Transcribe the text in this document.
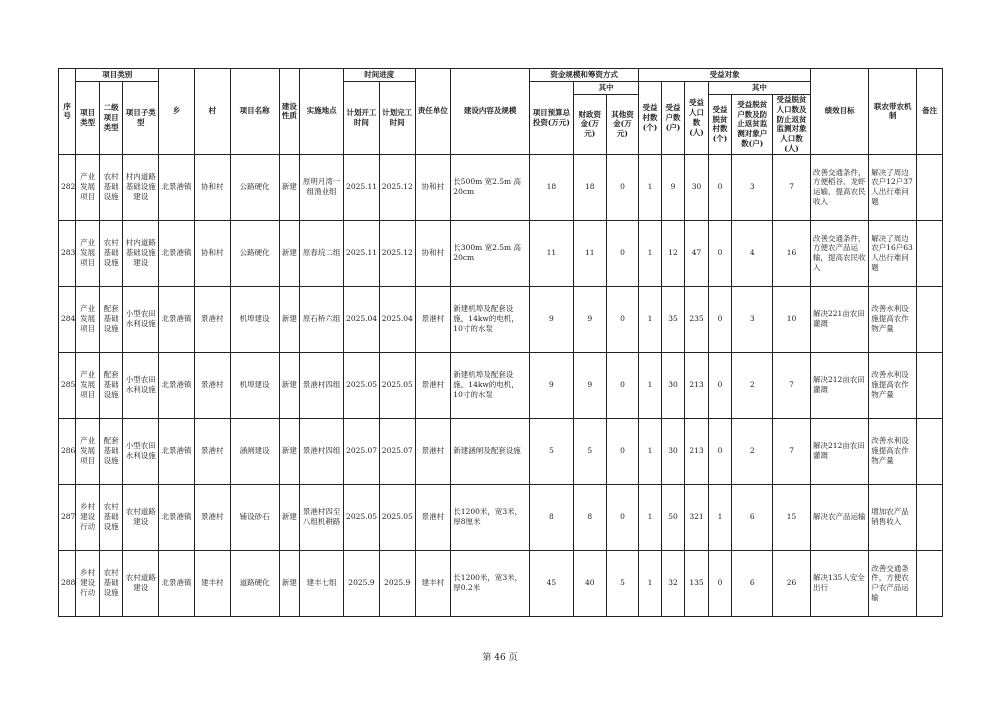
序号	项目类别			乡	村	项目名称	建设性质	实施地点	时间进度		责任单位	建设内容及规模	资金规模和筹资方式			受益对象						绩效目标	联农带农机制	备注
	项目类型	二级项目类型	项目子类型						计划开工时间	计划完工时间			项目预算总投资(万元)	其中		受益村数(个)	受益户数(户)	受益人口数(人)	其中					
														财政资金(万元)	其他资金(万元)				受益脱贫村数(个)	受益脱贫户数及防止返贫监测对象户数(户)	受益脱贫人口数及防止返贫监测对象人口数(人)			
282	产业发展项目	农村基础设施	村内道路基础设施建设	北景港镇	协和村	公路硬化	新建	原明月湾一组渔业组	2025.11	2025.12	协和村	长500m 宽2.5m 高20cm	18	18	0	1	9	30	0	3	7	改善交通条件，方便稻谷、龙虾运输，提高农民收入	解决了周边农户12户37人出行难问题	
283	产业发展项目	农村基础设施	村内道路基础设施建设	北景港镇	协和村	公路硬化	新建	原春垸二组	2025.11	2025.12	协和村	长300m 宽2.5m 高20cm	11	11	0	1	12	47	0	4	16	改善交通条件，方便农产品运输，提高农民收入	解决了周边农户16户63人出行难问题	
284	产业发展项目	配套基础设施	小型农田水利设施	北景港镇	景港村	机埠建设	新建	原石桥六组	2025.04	2025.04	景港村	新建机埠及配套设施，14kw的电机，10寸的水泵	9	9	0	1	35	235	0	3	10	解决221亩农田灌溉	改善水利设施提高农作物产量	
285	产业发展项目	配套基础设施	小型农田水利设施	北景港镇	景港村	机埠建设	新建	景港村四组	2025.05	2025.05	景港村	新建机埠及配套设施，14kw的电机，10寸的水泵	9	9	0	1	30	213	0	2	7	解决212亩农田灌溉	改善水利设施提高农作物产量	
286	产业发展项目	配套基础设施	小型农田水利设施	北景港镇	景港村	涵闸建设	新建	景港村四组	2025.07	2025.07	景港村	新建涵闸及配套设施	5	5	0	1	30	213	0	2	7	解决212亩农田灌溉	改善水利设施提高农作物产量	
287	乡村建设行动	农村基础设施	农村道路建设	北景港镇	景港村	铺设砂石	新建	景港村四至八组机耕路	2025.05	2025.05	景港村	长1200米，宽3米，厚8厘米	8	8	0	1	50	321	1	6	15	解决农产品运输	增加农产品销售收入	
288	乡村建设行动	农村基础设施	农村道路建设	北景港镇	建丰村	道路硬化	新建	建丰七组	2025.9	2025.9	建丰村	长1200米，宽3米，厚0.2米	45	40	5	1	32	135	0	6	26	解决135人安全出行	改善交通条件，方便农户农产品运输	
第 46 页
